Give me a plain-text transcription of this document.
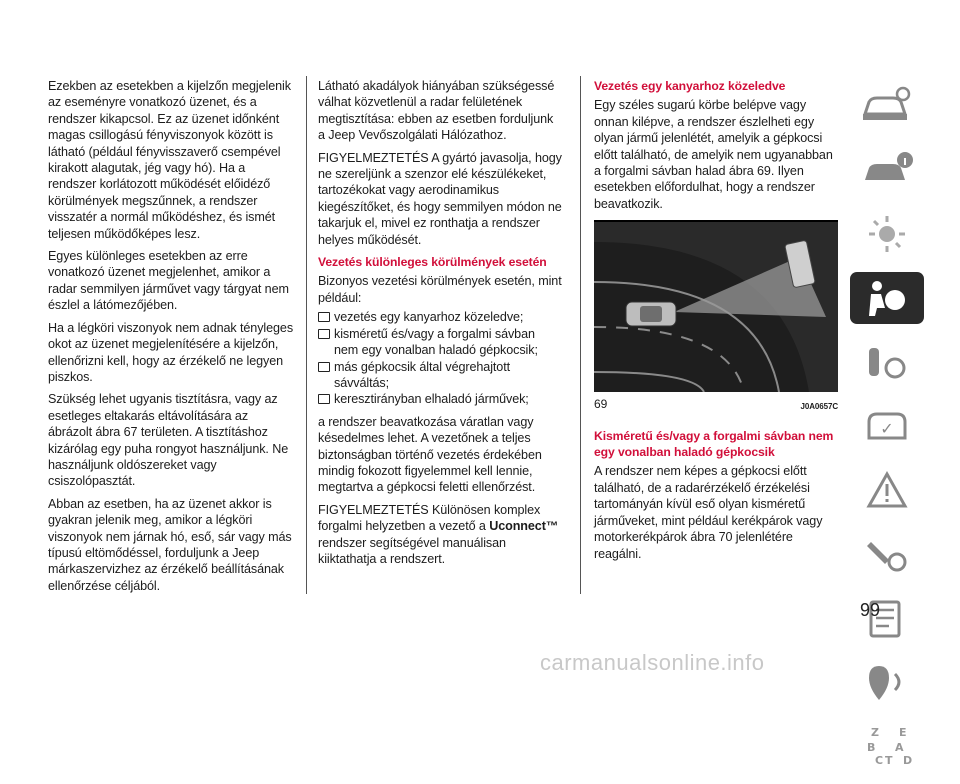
Ezekben az esetekben a kijelzőn megjelenik az eseményre vonatkozó üzenet, és a rendszer kikapcsol. Ez az üzenet időnként magas csillogású fényviszonyok között is látható (például fényvisszaverő csempével kirakott alagutak, jég vagy hó). Ha a rendszer korlátozott működését előidéző körülmények megszűnnek, a rendszer visszatér a normál működéshez, és ismét teljesen működőképes lesz.

Egyes különleges esetekben az erre vonatkozó üzenet megjelenhet, amikor a radar semmilyen járművet vagy tárgyat nem észlel a látómezőjében.

Ha a légköri viszonyok nem adnak tényleges okot az üzenet megjelenítésére a kijelzőn, ellenőrizni kell, hogy az érzékelő ne legyen piszkos.

Szükség lehet ugyanis tisztításra, vagy az esetleges eltakarás eltávolítására az ábrázolt ábra 67 területen. A tisztításhoz kizárólag egy puha rongyot használjunk. Ne használjunk oldószereket vagy csiszolópasztát.

Abban az esetben, ha az üzenet akkor is gyakran jelenik meg, amikor a légköri viszonyok nem járnak hó, eső, sár vagy más típusú eltömődéssel, forduljunk a Jeep márkaszervizhez az érzékelő beállításának ellenőrzése céljából.

Látható akadályok hiányában szükségessé válhat közvetlenül a radar felületének megtisztítása: ebben az esetben forduljunk a Jeep Vevőszolgálati Hálózathoz.

FIGYELMEZTETÉS A gyártó javasolja, hogy ne szereljünk a szenzor elé készülékeket, tartozékokat vagy aerodinamikus kiegészítőket, és hogy semmilyen módon ne takarjuk el, mivel ez ronthatja a rendszer helyes működését.

Vezetés különleges körülmények esetén

Bizonyos vezetési körülmények esetén, mint például:

vezetés egy kanyarhoz közeledve;
kisméretű és/vagy a forgalmi sávban nem egy vonalban haladó gépkocsik;
más gépkocsik által végrehajtott sávváltás;
keresztirányban elhaladó járművek;

a rendszer beavatkozása váratlan vagy késedelmes lehet. A vezetőnek a teljes biztonságban történő vezetés érdekében mindig fokozott figyelemmel kell lennie, megtartva a gépkocsi feletti ellenőrzést.

FIGYELMEZTETÉS Különösen komplex forgalmi helyzetben a vezető a Uconnect™ rendszer segítségével manuálisan kiiktathatja a rendszert.

Vezetés egy kanyarhoz közeledve

Egy széles sugarú körbe belépve vagy onnan kilépve, a rendszer észlelheti egy olyan jármű jelenlétét, amelyik a gépkocsi előtt található, de amelyik nem ugyanabban a forgalmi sávban halad ábra 69. Ilyen esetekben előfordulhat, hogy a rendszer beavatkozik.

69	J0A0657C

Kisméretű és/vagy a forgalmi sávban nem egy vonalban haladó gépkocsik

A rendszer nem képes a gépkocsi előtt található, de a radarérzékelő érzékelési tartományán kívül eső olyan kisméretű járműveket, mint például kerékpárok vagy motorkerékpárok ábra 70 jelenlétére reagálni.

✓
Z E
B A
C T D
99
carmanualsonline.info
